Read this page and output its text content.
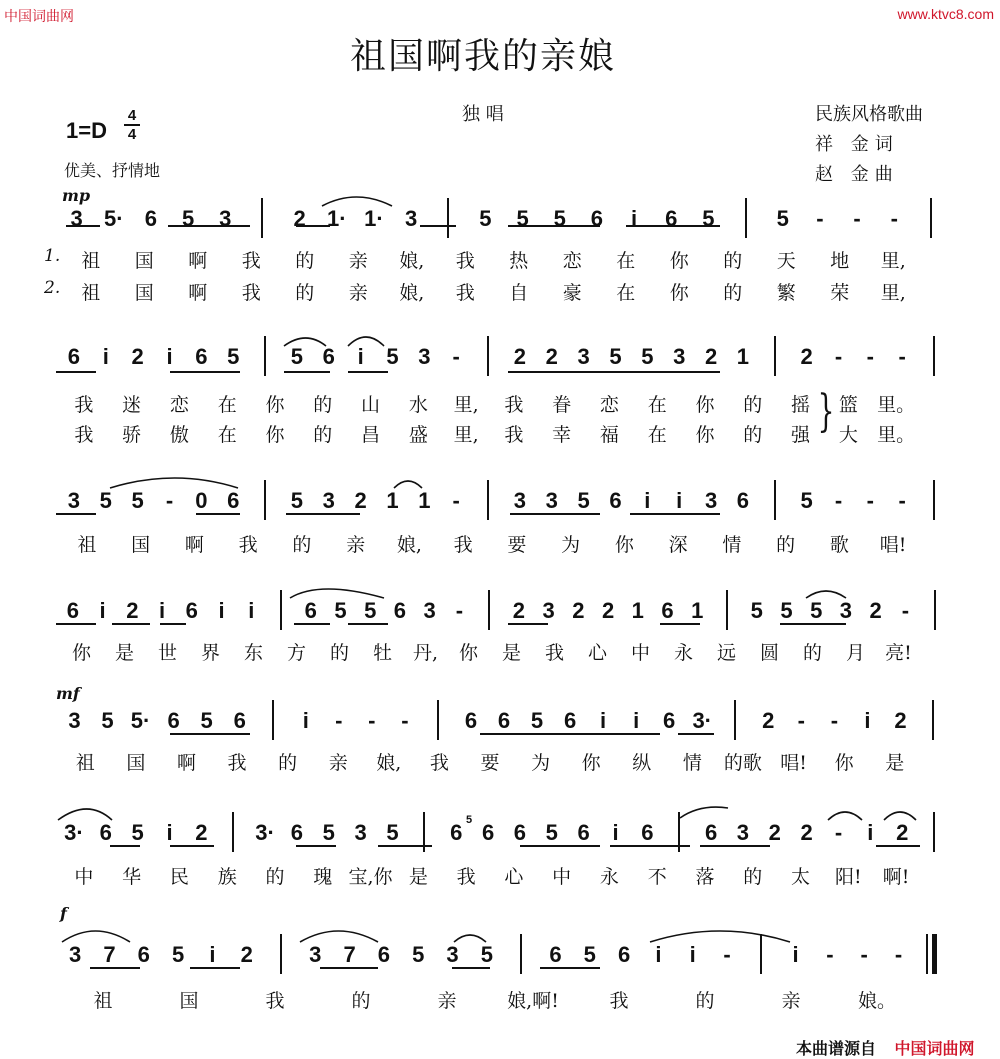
中国词曲网	www.ktvc8.com
祖国啊我的亲娘
1=D
4
4
独 唱	民族风格歌曲
祥 金词
赵 金曲
优美、抒情地
mp
mf
f
3 5· 6	5	3	2 1· 1· 3	5	5	5	6	i	6	5	5	-	-	-
6	i	2	i	6 5	5 6	i	5 3	-	2 2 3 5 5 3 2 1	2	-	-	-
3 5 5	-	0 6	5 3 2 1 1	-	3 3 5 6	i	i	3 6	5	-	-	-
6 i 2 i 6 i	i	6 5 5 6 3 -	2 3 2 2 1 6 1	5 5 5 3 2 -
3 5 5· 6 5 6	i	-	-	-	6 6 5 6	i	i	6 3·	2	-	-	i	2
3· 6 5	i	2	3· 6 5 3 5	6 6 6 5 6	i	6	6 3 2 2	-	i	2
3	7	6	5	i	2	3	7	6	5	3	5	6	5	6	i	i	-	i	-	-	-
5
1.	祖	国	啊	我	的	亲	娘,	我	热	恋	在	你	的	天	地	里,
2.	祖	国	啊	我	的	亲	娘,	我	自	豪	在	你	的	繁	荣	里,
我	迷	恋	在	你	的	山	水	里,	我	眷	恋	在	你	的	摇	篮	里。
我	骄	傲	在	你	的	昌	盛	里,	我	幸	福	在	你	的	强	大	里。
}
祖	国	啊	我	的	亲	娘,	我	要	为	你	深	情	的	歌	唱!
你	是	世	界	东	方	的	牡	丹,	你	是	我	心	中	永	远	圆	的	月	亮!
祖	国	啊	我	的	亲	娘,	我	要	为	你	纵	情	的歌 唱!	你	是
中	华	民	族	的	瑰 宝,你 是	我	心	中	永	不	落	的	太	阳!	啊!
祖	国	我	的	亲	娘,啊!	我	的	亲	娘。
本曲谱源自 中国词曲网
